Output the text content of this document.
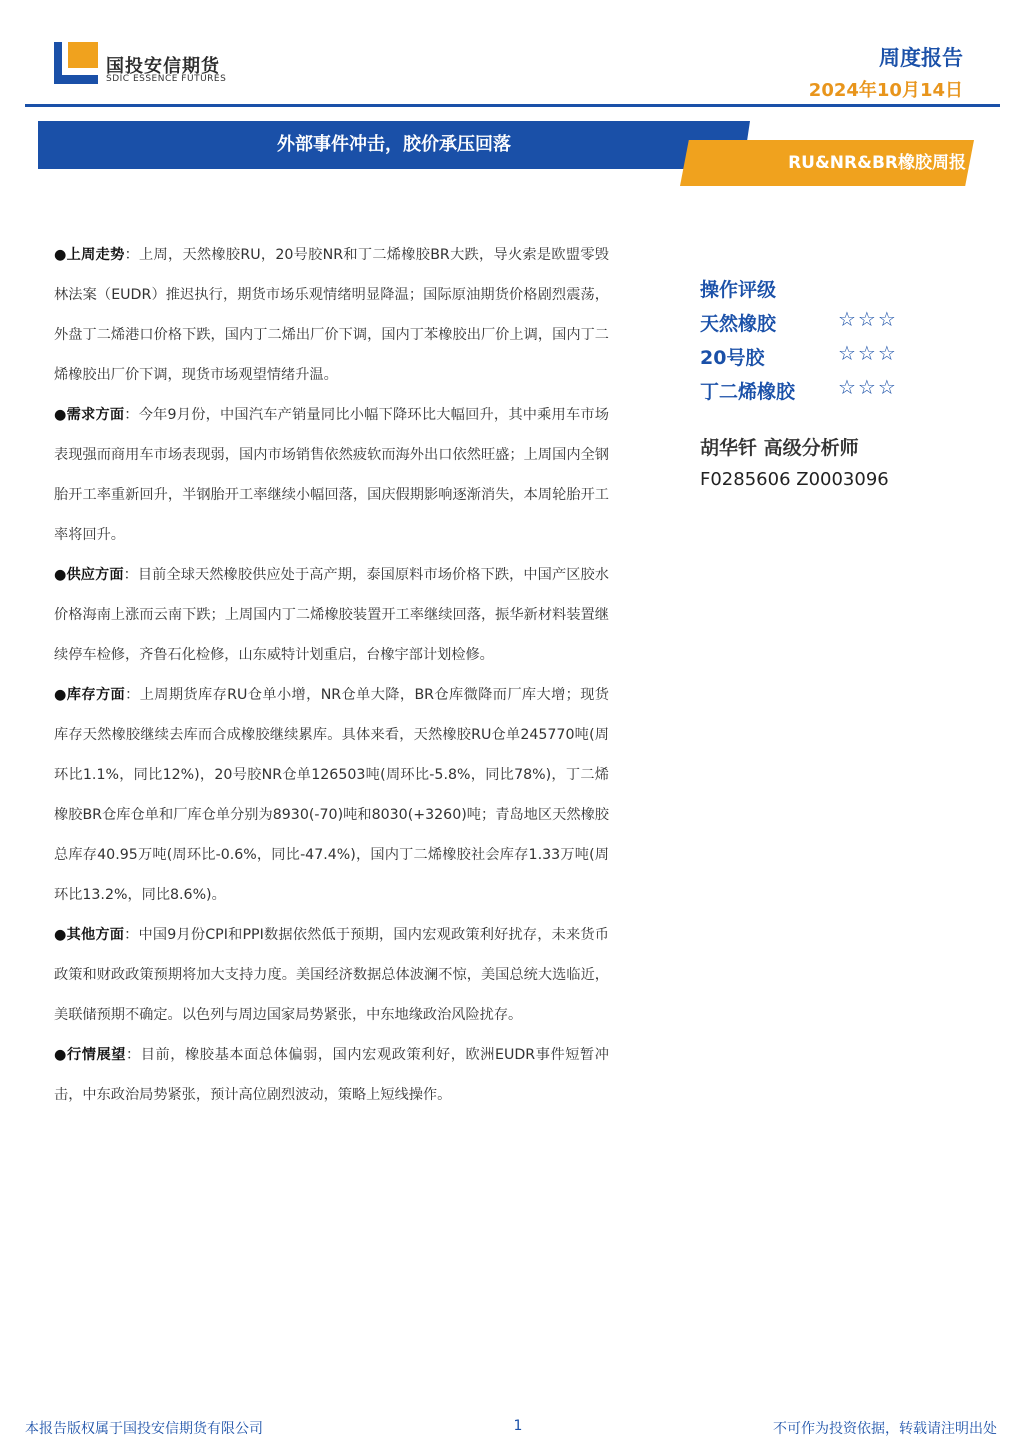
国投安信期货
SDIC ESSENCE FUTURES
周度报告
2024年10月14日
外部事件冲击，胶价承压回落
RU&NR&BR橡胶周报

●上周走势：上周，天然橡胶RU，20号胶NR和丁二烯橡胶BR大跌，导火索是欧盟零毁林法案（EUDR）推迟执行，期货市场乐观情绪明显降温；国际原油期货价格剧烈震荡，外盘丁二烯港口价格下跌，国内丁二烯出厂价下调，国内丁苯橡胶出厂价上调，国内丁二烯橡胶出厂价下调，现货市场观望情绪升温。

●需求方面：今年9月份，中国汽车产销量同比小幅下降环比大幅回升，其中乘用车市场表现强而商用车市场表现弱，国内市场销售依然疲软而海外出口依然旺盛；上周国内全钢胎开工率重新回升，半钢胎开工率继续小幅回落，国庆假期影响逐渐消失，本周轮胎开工率将回升。

●供应方面：目前全球天然橡胶供应处于高产期，泰国原料市场价格下跌，中国产区胶水价格海南上涨而云南下跌；上周国内丁二烯橡胶装置开工率继续回落，振华新材料装置继续停车检修，齐鲁石化检修，山东威特计划重启，台橡宇部计划检修。

●库存方面：上周期货库存RU仓单小增，NR仓单大降，BR仓库微降而厂库大增；现货库存天然橡胶继续去库而合成橡胶继续累库。具体来看，天然橡胶RU仓单245770吨(周环比1.1%，同比12%)，20号胶NR仓单126503吨(周环比-5.8%，同比78%)，丁二烯橡胶BR仓库仓单和厂库仓单分别为8930(-70)吨和8030(+3260)吨；青岛地区天然橡胶总库存40.95万吨(周环比-0.6%，同比-47.4%)，国内丁二烯橡胶社会库存1.33万吨(周环比13.2%，同比8.6%)。

●其他方面：中国9月份CPI和PPI数据依然低于预期，国内宏观政策利好扰存，未来货币政策和财政政策预期将加大支持力度。美国经济数据总体波澜不惊，美国总统大选临近，美联储预期不确定。以色列与周边国家局势紧张，中东地缘政治风险扰存。

●行情展望：目前，橡胶基本面总体偏弱，国内宏观政策利好，欧洲EUDR事件短暂冲击，中东政治局势紧张，预计高位剧烈波动，策略上短线操作。

操作评级
天然橡胶	☆☆☆
20号胶	☆☆☆
丁二烯橡胶 ☆☆☆
胡华钎 高级分析师
F0285606 Z0003096
本报告版权属于国投安信期货有限公司	1	不可作为投资依据，转载请注明出处
